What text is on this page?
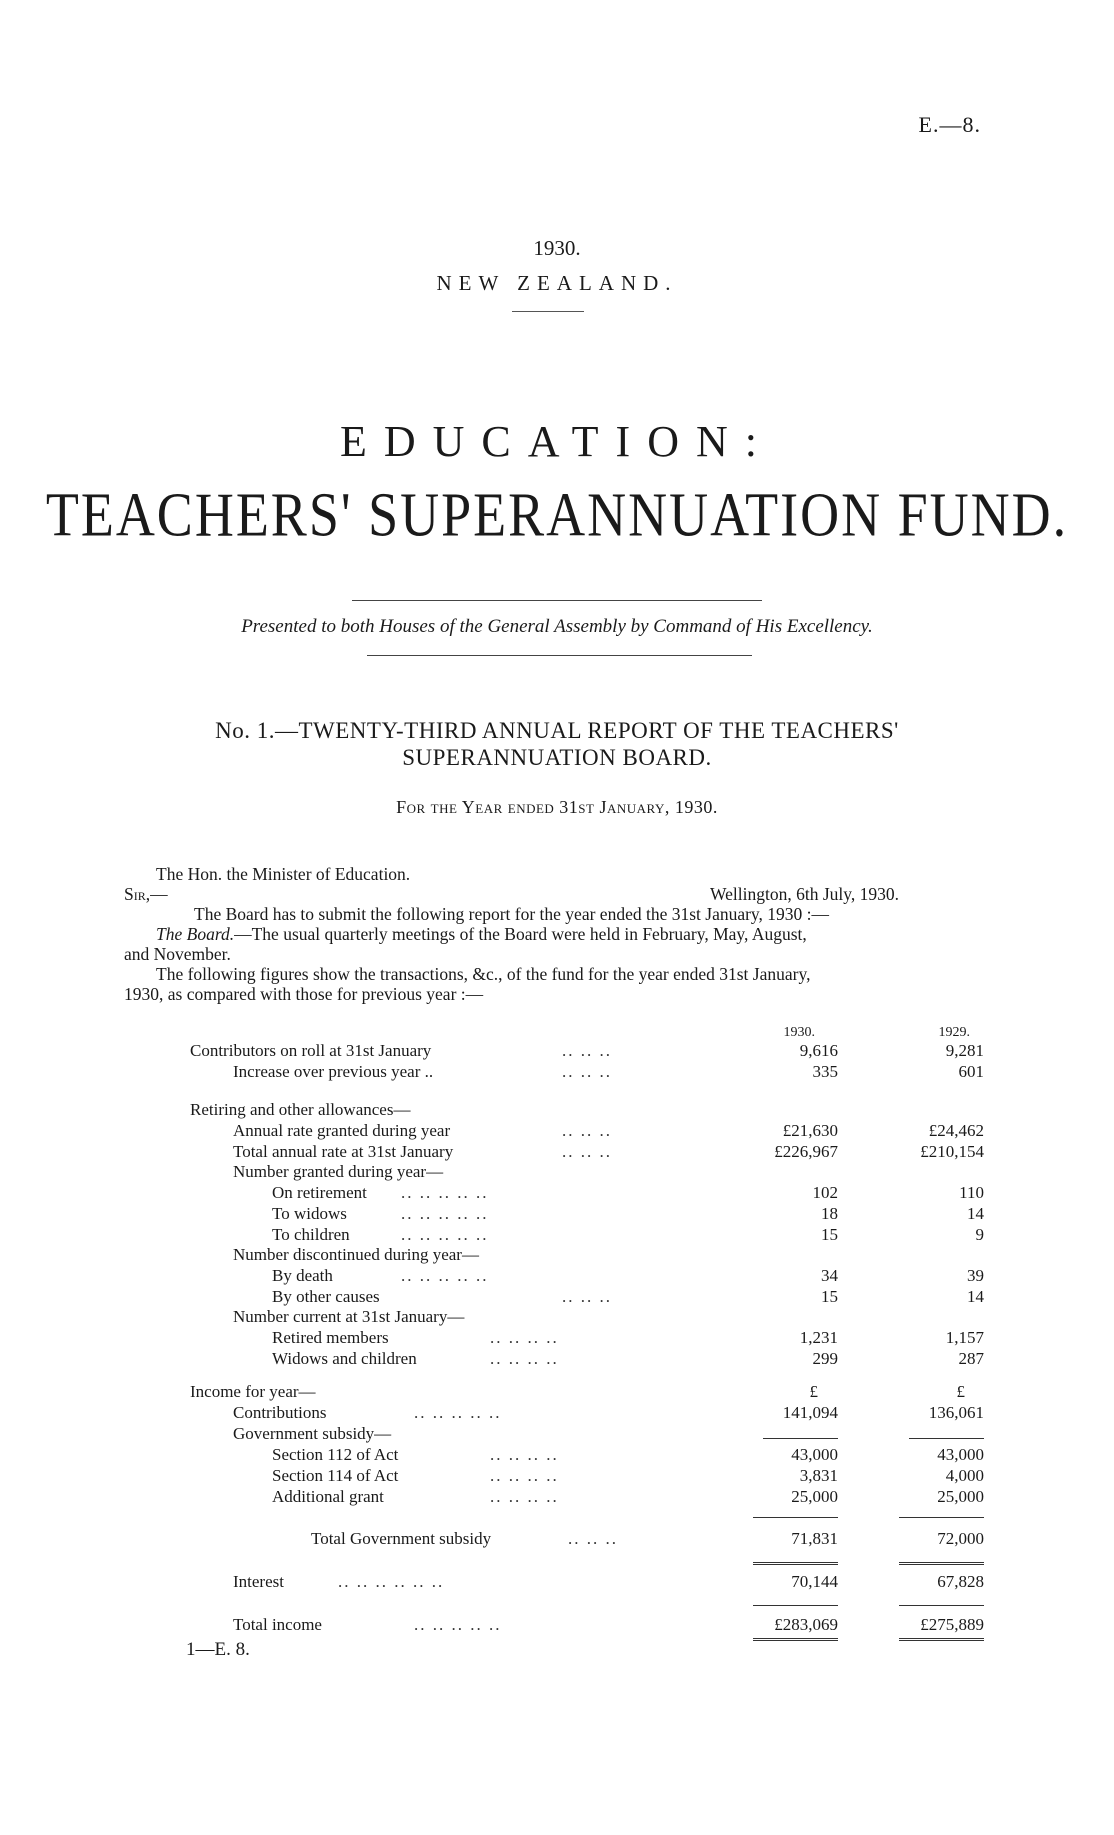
E.—8.
1930.
NEW ZEALAND.
EDUCATION:
TEACHERS' SUPERANNUATION FUND.
Presented to both Houses of the General Assembly by Command of His Excellency.
No. 1.—TWENTY-THIRD ANNUAL REPORT OF THE TEACHERS'
SUPERANNUATION BOARD.
For the Year ended 31st January, 1930.
The Hon. the Minister of Education.
Sir,—	Wellington, 6th July, 1930.
The Board has to submit the following report for the year ended the 31st January, 1930 :—
The Board.—The usual quarterly meetings of the Board were held in February, May, August,
and November.
The following figures show the transactions, &c., of the fund for the year ended 31st January,
1930, as compared with those for previous year :—
1930.	1929.
Contributors on roll at 31st January	.. .. ..	9,616	9,281
Increase over previous year ..	.. .. ..	335	601
Retiring and other allowances—
Annual rate granted during year	.. .. ..	£21,630	£24,462
Total annual rate at 31st January	.. .. ..	£226,967	£210,154
Number granted during year—
On retirement .. .. .. .. ..	102	110
To widows	.. .. .. .. ..	18	14
To children	.. .. .. .. ..	15	9
Number discontinued during year—
By death	.. .. .. .. ..	34	39
By other causes	.. .. ..	15	14
Number current at 31st January—
Retired members	.. .. .. ..	1,231	1,157
Widows and children	.. .. .. ..	299	287
Income for year—	£	£
Contributions	.. .. .. .. ..	141,094	136,061
Government subsidy—
Section 112 of Act	.. .. .. ..	43,000	43,000
Section 114 of Act	.. .. .. ..	3,831	4,000
Additional grant	.. .. .. ..	25,000	25,000
Total Government subsidy	.. .. ..	71,831	72,000
Interest	.. .. .. .. .. ..	70,144	67,828
Total income	.. .. .. .. ..	£283,069	£275,889
1—E. 8.
